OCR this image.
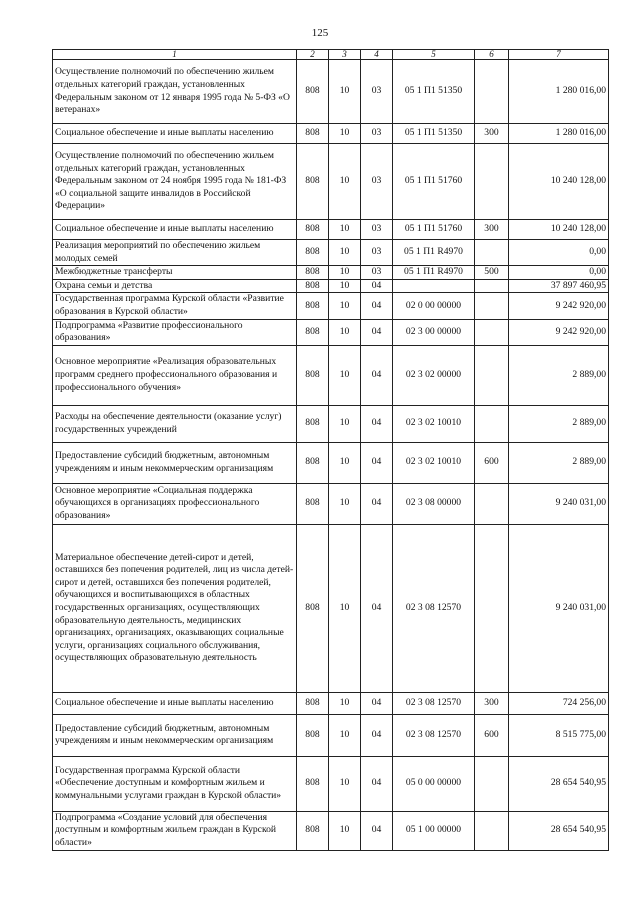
125
1	2	3	4	5	6	7
Осуществление полномочий по обеспечению жильем отдельных категорий граждан, установленных Федеральным законом от 12 января 1995 года № 5-ФЗ «О ветеранах»	808	10	03	05 1 П1 51350		1 280 016,00
Социальное обеспечение и иные выплаты населению	808	10	03	05 1 П1 51350	300	1 280 016,00
Осуществление полномочий по обеспечению жильем отдельных категорий граждан, установленных Федеральным законом от 24 ноября 1995 года № 181-ФЗ «О социальной защите инвалидов в Российской Федерации»	808	10	03	05 1 П1 51760		10 240 128,00
Социальное обеспечение и иные выплаты населению	808	10	03	05 1 П1 51760	300	10 240 128,00
Реализация мероприятий по обеспечению жильем молодых семей	808	10	03	05 1 П1 R4970		0,00
Межбюджетные трансферты	808	10	03	05 1 П1 R4970	500	0,00
Охрана семьи и детства	808	10	04			37 897 460,95
Государственная программа Курской области «Развитие образования в Курской области»	808	10	04	02 0 00 00000		9 242 920,00
Подпрограмма «Развитие профессионального образования»	808	10	04	02 3 00 00000		9 242 920,00
Основное мероприятие «Реализация образовательных программ среднего профессионального образования и профессионального обучения»	808	10	04	02 3 02 00000		2 889,00
Расходы на обеспечение деятельности (оказание услуг) государственных учреждений	808	10	04	02 3 02 10010		2 889,00
Предоставление субсидий бюджетным, автономным учреждениям и иным некоммерческим организациям	808	10	04	02 3 02 10010	600	2 889,00
Основное мероприятие «Социальная поддержка обучающихся в организациях профессионального образования»	808	10	04	02 3 08 00000		9 240 031,00
Материальное обеспечение детей-сирот и детей, оставшихся без попечения родителей, лиц из числа детей-сирот и детей, оставшихся без попечения родителей, обучающихся и воспитывающихся в областных государственных организациях, осуществляющих образовательную деятельность, медицинских организациях, организациях, оказывающих социальные услуги, организациях социального обслуживания, осуществляющих образовательную деятельность	808	10	04	02 3 08 12570		9 240 031,00
Социальное обеспечение и иные выплаты населению	808	10	04	02 3 08 12570	300	724 256,00
Предоставление субсидий бюджетным, автономным учреждениям и иным некоммерческим организациям	808	10	04	02 3 08 12570	600	8 515 775,00
Государственная программа Курской области «Обеспечение доступным и комфортным жильем и коммунальными услугами граждан в Курской области»	808	10	04	05 0 00 00000		28 654 540,95
Подпрограмма «Создание условий для обеспечения доступным и комфортным жильем граждан в Курской области»	808	10	04	05 1 00 00000		28 654 540,95
